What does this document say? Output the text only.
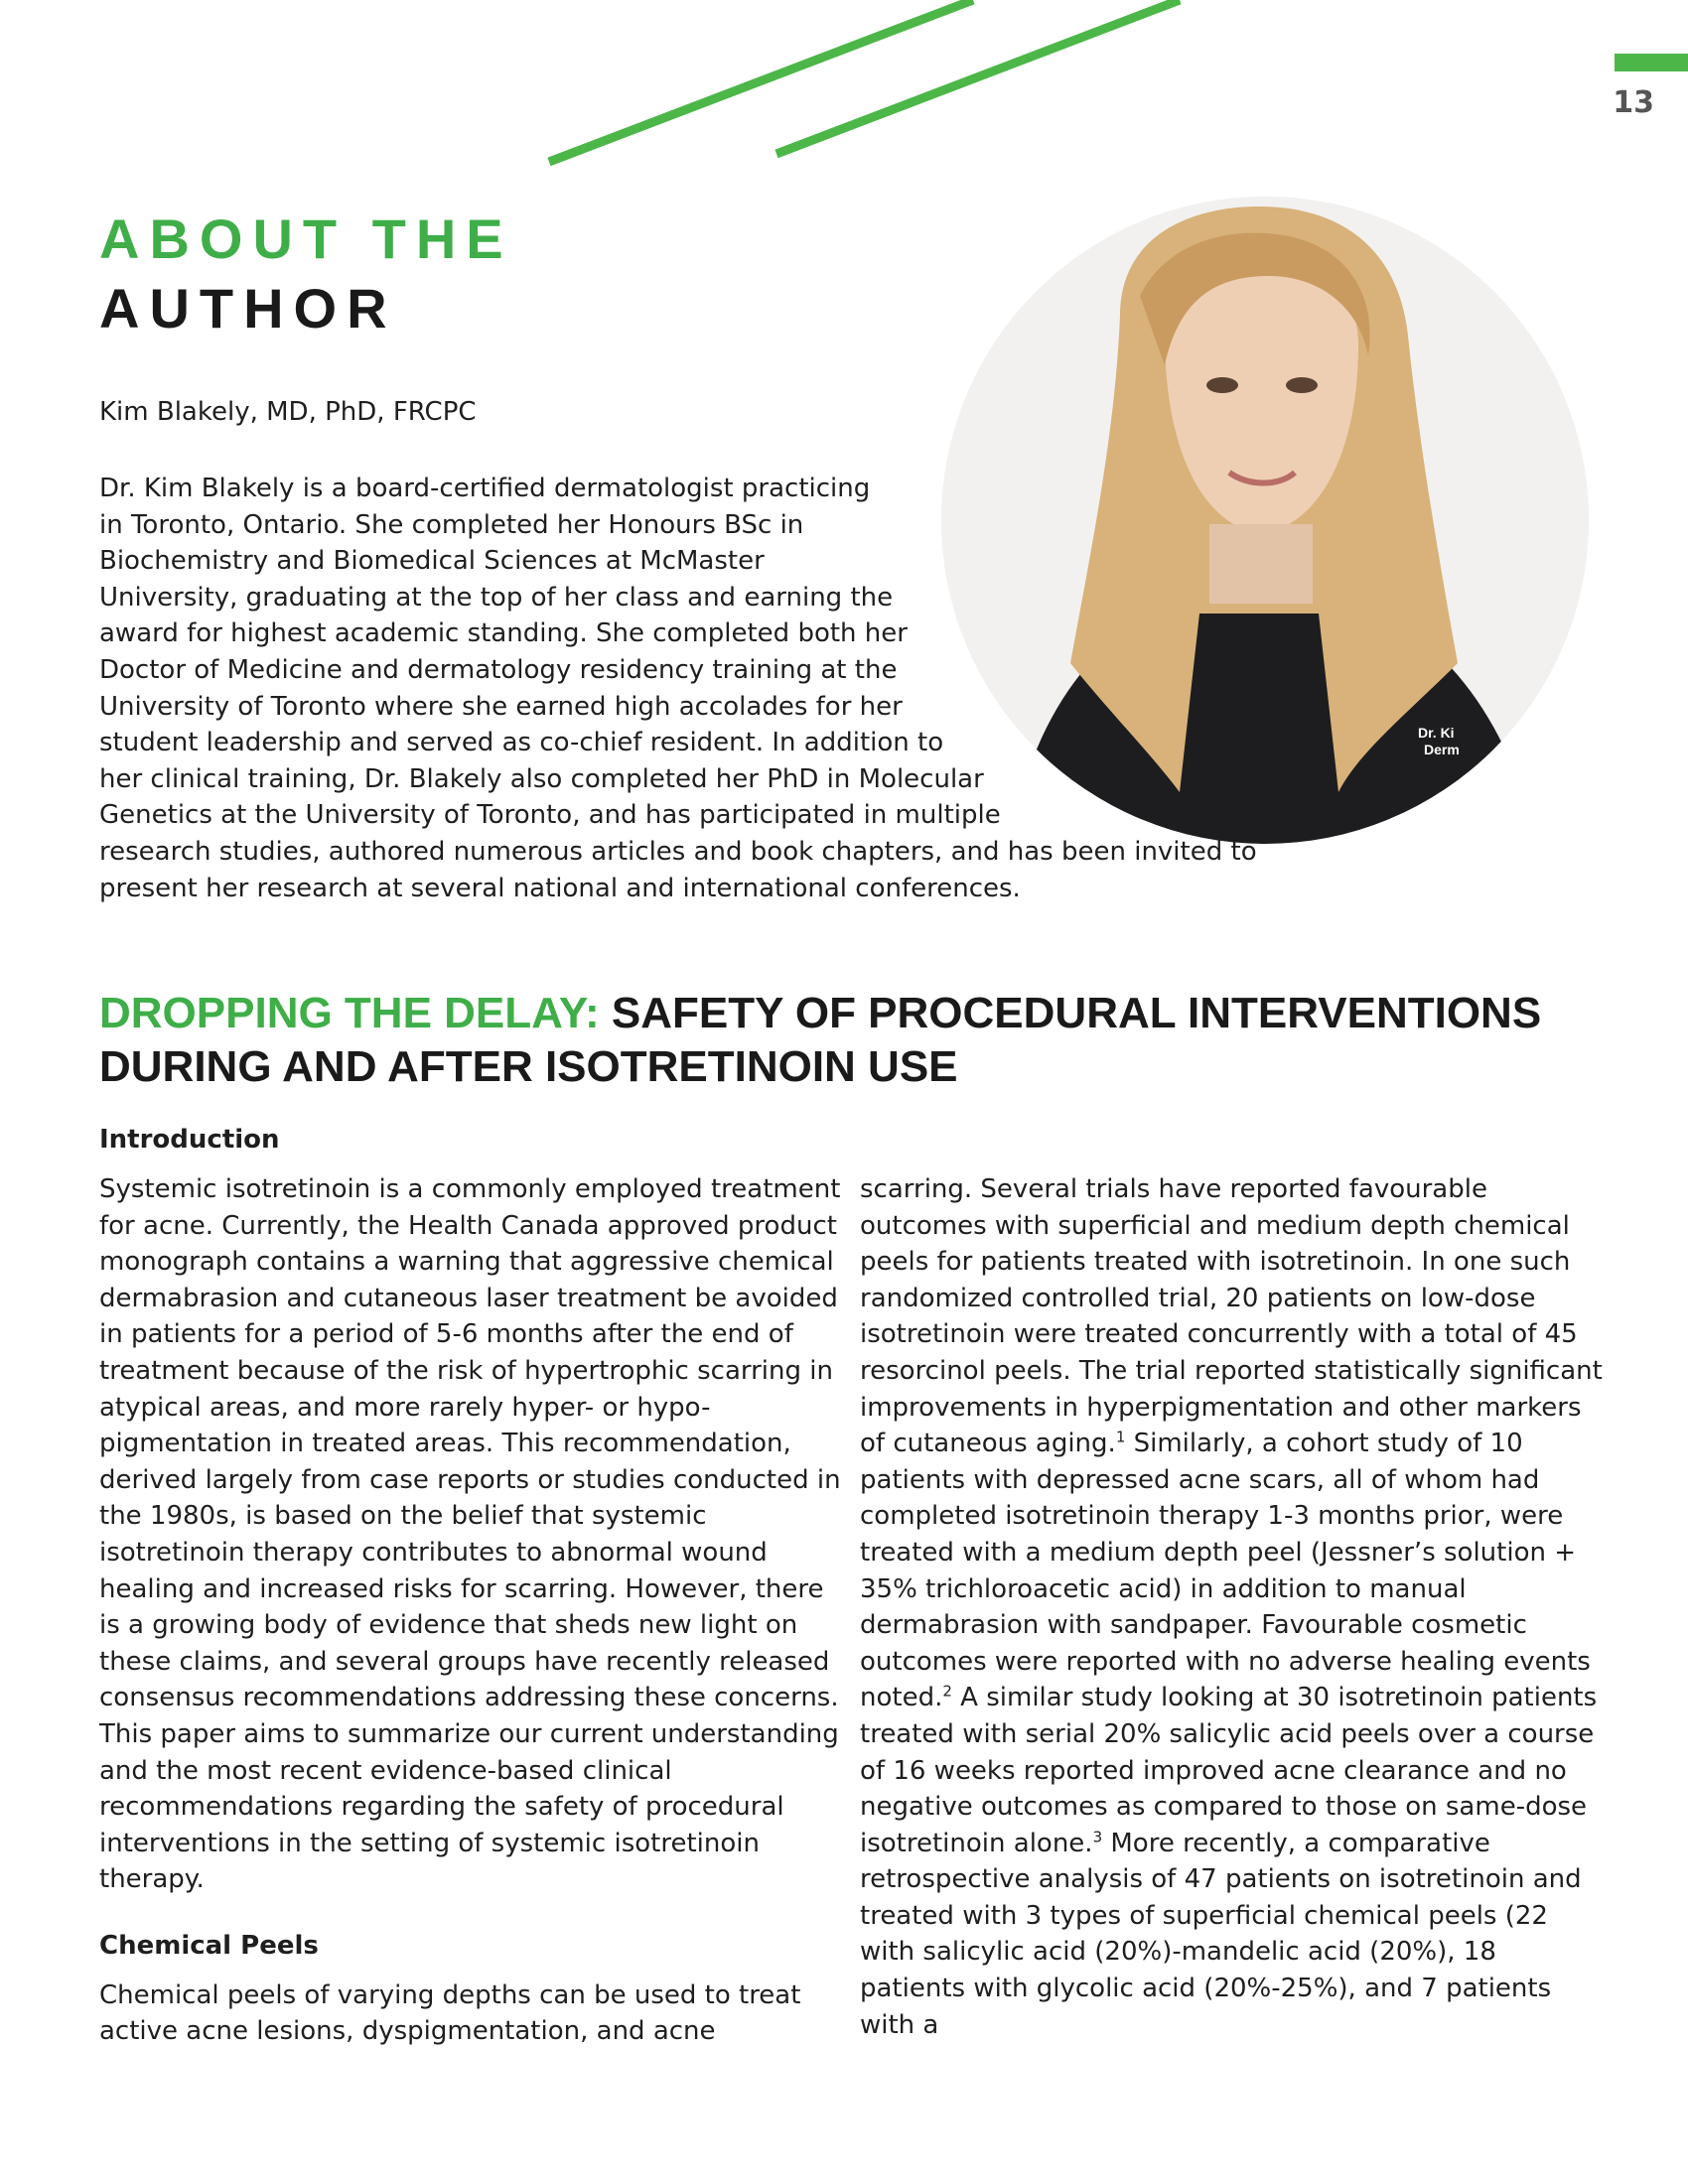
13
ABOUT THE
AUTHOR

Kim Blakely, MD, PhD, FRCPC

Dr. Ki
Derm
Dr. Kim Blakely is a board-certified dermatologist practicing in Toronto, Ontario. She completed her Honours BSc in Biochemistry and Biomedical Sciences at McMaster University, graduating at the top of her class and earning the award for highest academic standing. She completed both her Doctor of Medicine and dermatology residency training at the University of Toronto where she earned high accolades for her student leadership and served as co-chief resident. In addition to her clinical training, Dr. Blakely also completed her PhD in Molecular Genetics at the University of Toronto, and has participated in multiple research studies, authored numerous articles and book chapters, and has been invited to present her research at several national and international conferences.
DROPPING THE DELAY: SAFETY OF PROCEDURAL INTERVENTIONS DURING AND AFTER ISOTRETINOIN USE
Introduction

Systemic isotretinoin is a commonly employed treatment for acne. Currently, the Health Canada approved product monograph contains a warning that aggressive chemical dermabrasion and cutaneous laser treatment be avoided in patients for a period of 5-6 months after the end of treatment because of the risk of hypertrophic scarring in atypical areas, and more rarely hyper- or hypo-pigmentation in treated areas. This recommendation, derived largely from case reports or studies conducted in the 1980s, is based on the belief that systemic isotretinoin therapy contributes to abnormal wound healing and increased risks for scarring. However, there is a growing body of evidence that sheds new light on these claims, and several groups have recently released consensus recommendations addressing these concerns. This paper aims to summarize our current understanding and the most recent evidence-based clinical recommendations regarding the safety of procedural interventions in the setting of systemic isotretinoin therapy.

Chemical Peels

Chemical peels of varying depths can be used to treat active acne lesions, dyspigmentation, and acne

scarring. Several trials have reported favourable outcomes with superficial and medium depth chemical peels for patients treated with isotretinoin. In one such randomized controlled trial, 20 patients on low-dose isotretinoin were treated concurrently with a total of 45 resorcinol peels. The trial reported statistically significant improvements in hyperpigmentation and other markers of cutaneous aging.$^1$ Similarly, a cohort study of 10 patients with depressed acne scars, all of whom had completed isotretinoin therapy 1-3 months prior, were treated with a medium depth peel (Jessner’s solution + 35% trichloroacetic acid) in addition to manual dermabrasion with sandpaper. Favourable cosmetic outcomes were reported with no adverse healing events noted.$^2$ A similar study looking at 30 isotretinoin patients treated with serial 20% salicylic acid peels over a course of 16 weeks reported improved acne clearance and no negative outcomes as compared to those on same-dose isotretinoin alone.$^3$ More recently, a comparative retrospective analysis of 47 patients on isotretinoin and treated with 3 types of superficial chemical peels (22 with salicylic acid (20%)-mandelic acid (20%), 18 patients with glycolic acid (20%-25%), and 7 patients with a
